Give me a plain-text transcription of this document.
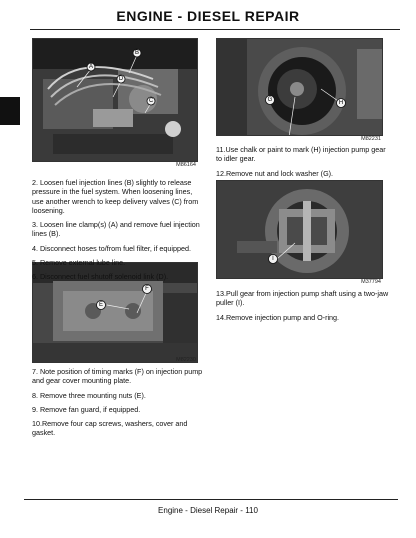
ENGINE - DIESEL REPAIR
B
A
D
C
M86164
H
G
M82231
I
M37794
F
E
M82230

2. Loosen fuel injection lines (B) slightly to release pressure in the fuel system. When loosening lines, use another wrench to keep delivery valves (C) from loosening.

3. Loosen line clamp(s) (A) and remove fuel injection lines (B).

4. Disconnect hoses to/from fuel filter, if equipped.

5. Remove external lube line.

6. Disconnect fuel shutoff solenoid link (D).

7. Note position of timing marks (F) on injection pump and gear cover mounting plate.

8. Remove three mounting nuts (E).

9. Remove fan guard, if equipped.

10.Remove four cap screws, washers, cover and gasket.

11.Use chalk or paint to mark (H) injection pump gear to idler gear.

12.Remove nut and lock washer (G).

13.Pull gear from injection pump shaft using a two-jaw puller (I).

14.Remove injection pump and O-ring.

Engine - Diesel Repair - 110
